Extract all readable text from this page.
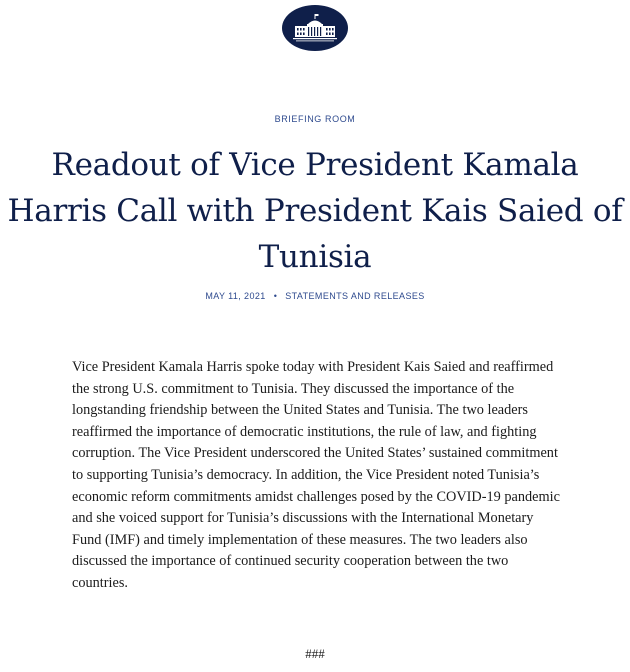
BRIEFING ROOM
Readout of Vice President Kamala Harris Call with President Kais Saied of Tunisia
MAY 11, 2021 • STATEMENTS AND RELEASES

Vice President Kamala Harris spoke today with President Kais Saied and reaffirmed the strong U.S. commitment to Tunisia. They discussed the importance of the longstanding friendship between the United States and Tunisia. The two leaders reaffirmed the importance of democratic institutions, the rule of law, and fighting corruption. The Vice President underscored the United States’ sustained commitment to supporting Tunisia’s democracy. In addition, the Vice President noted Tunisia’s economic reform commitments amidst challenges posed by the COVID-19 pandemic and she voiced support for Tunisia’s discussions with the International Monetary Fund (IMF) and timely implementation of these measures. The two leaders also discussed the importance of continued security cooperation between the two countries.

###
